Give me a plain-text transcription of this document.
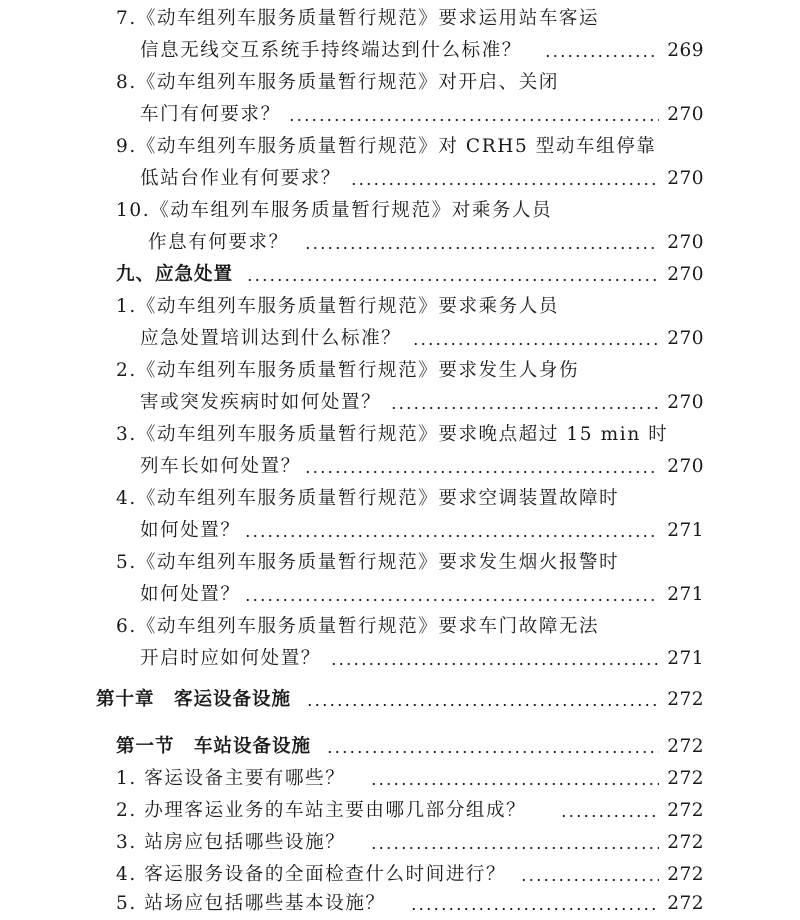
7.《动车组列车服务质量暂行规范》要求运用站车客运
信息无线交互系统手持终端达到什么标准？	269
8.《动车组列车服务质量暂行规范》对开启、关闭
车门有何要求？	270
9.《动车组列车服务质量暂行规范》对 CRH5 型动车组停靠
低站台作业有何要求？	270
10.《动车组列车服务质量暂行规范》对乘务人员
作息有何要求？	270
九、应急处置	270
1.《动车组列车服务质量暂行规范》要求乘务人员
应急处置培训达到什么标准？	270
2.《动车组列车服务质量暂行规范》要求发生人身伤
害或突发疾病时如何处置？	270
3.《动车组列车服务质量暂行规范》要求晚点超过 15 min 时
列车长如何处置？	270
4.《动车组列车服务质量暂行规范》要求空调装置故障时
如何处置？	271
5.《动车组列车服务质量暂行规范》要求发生烟火报警时
如何处置？	271
6.《动车组列车服务质量暂行规范》要求车门故障无法
开启时应如何处置？	271
第十章　客运设备设施	272
第一节　车站设备设施	272
1. 客运设备主要有哪些？	272
2. 办理客运业务的车站主要由哪几部分组成？	272
3. 站房应包括哪些设施？	272
4. 客运服务设备的全面检查什么时间进行？	272
5. 站场应包括哪些基本设施？	272
